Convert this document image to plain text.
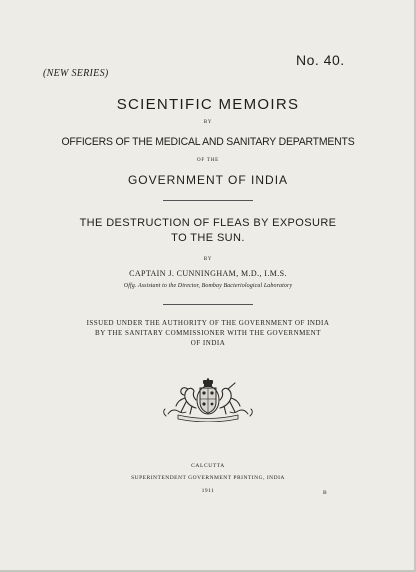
No. 40.
(NEW SERIES)
SCIENTIFIC MEMOIRS
BY
OFFICERS OF THE MEDICAL AND SANITARY DEPARTMENTS
OF THE
GOVERNMENT OF INDIA
THE DESTRUCTION OF FLEAS BY EXPOSURE
TO THE SUN.
BY
CAPTAIN J. CUNNINGHAM, M.D., I.M.S.
Offg. Assistant to the Director, Bombay Bacteriological Laboratory
ISSUED UNDER THE AUTHORITY OF THE GOVERNMENT OF INDIA
BY THE SANITARY COMMISSIONER WITH THE GOVERNMENT
OF INDIA
CALCUTTA
SUPERINTENDENT GOVERNMENT PRINTING, INDIA
1911	B
